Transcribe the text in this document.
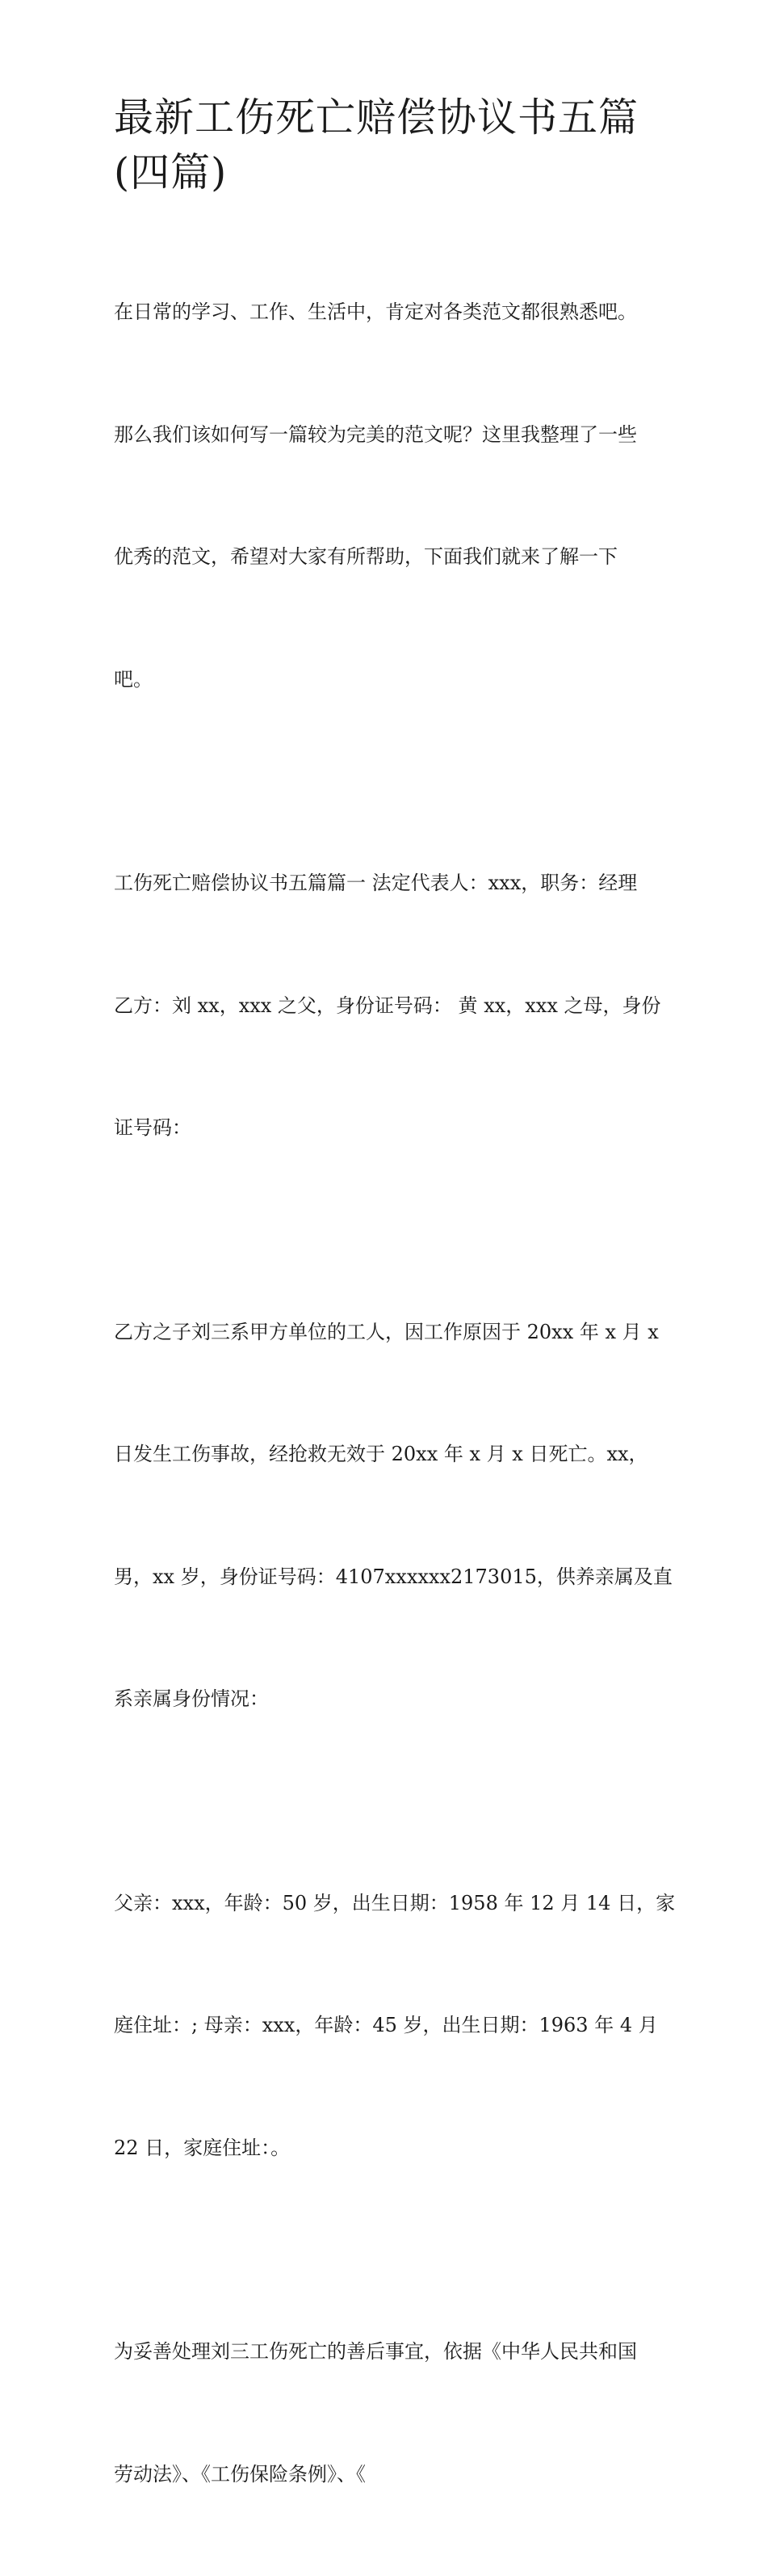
最新工伤死亡赔偿协议书五篇
(四篇)

在日常的学习、工作、生活中，肯定对各类范文都很熟悉吧。

那么我们该如何写一篇较为完美的范文呢？这里我整理了一些

优秀的范文，希望对大家有所帮助，下面我们就来了解一下

吧。

工伤死亡赔偿协议书五篇篇一 法定代表人：xxx，职务：经理

乙方：刘 xx，xxx 之父，身份证号码： 黄 xx，xxx 之母，身份

证号码：

乙方之子刘三系甲方单位的工人，因工作原因于 20xx 年 x 月 x

日发生工伤事故，经抢救无效于 20xx 年 x 月 x 日死亡。xx，

男，xx 岁，身份证号码：4107xxxxxx2173015，供养亲属及直

系亲属身份情况：

父亲：xxx，年龄：50 岁，出生日期：1958 年 12 月 14 日，家

庭住址：; 母亲：xxx，年龄：45 岁，出生日期：1963 年 4 月

22 日，家庭住址：。

为妥善处理刘三工伤死亡的善后事宜，依据《中华人民共和国

劳动法》、《工伤保险条例》、《
